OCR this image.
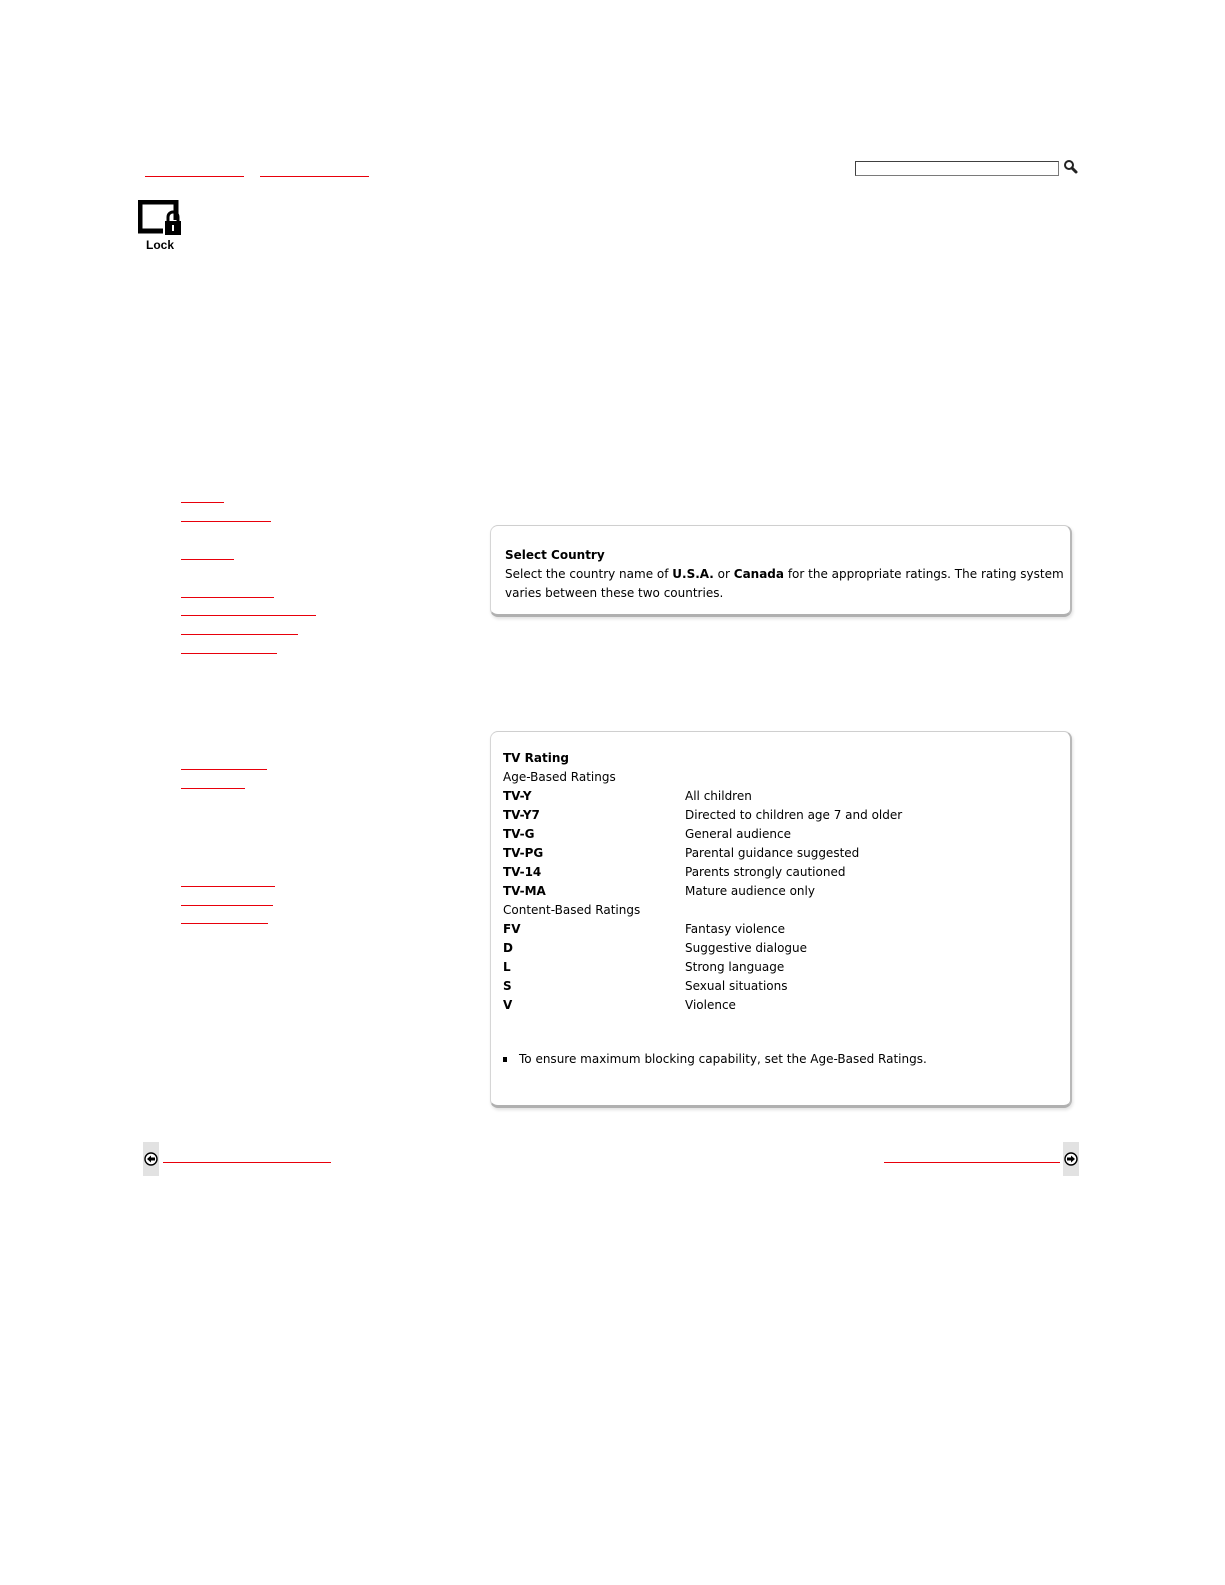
Lock
Select Country
Select the country name of U.S.A. or Canada for the appropriate ratings. The rating system
varies between these two countries.
TV Rating
Age-Based Ratings
TV-Y	All children
TV-Y7	Directed to children age 7 and older
TV-G	General audience
TV-PG	Parental guidance suggested
TV-14	Parents strongly cautioned
TV-MA	Mature audience only
Content-Based Ratings
FV	Fantasy violence
D	Suggestive dialogue
L	Strong language
S	Sexual situations
V	Violence
To ensure maximum blocking capability, set the Age-Based Ratings.
